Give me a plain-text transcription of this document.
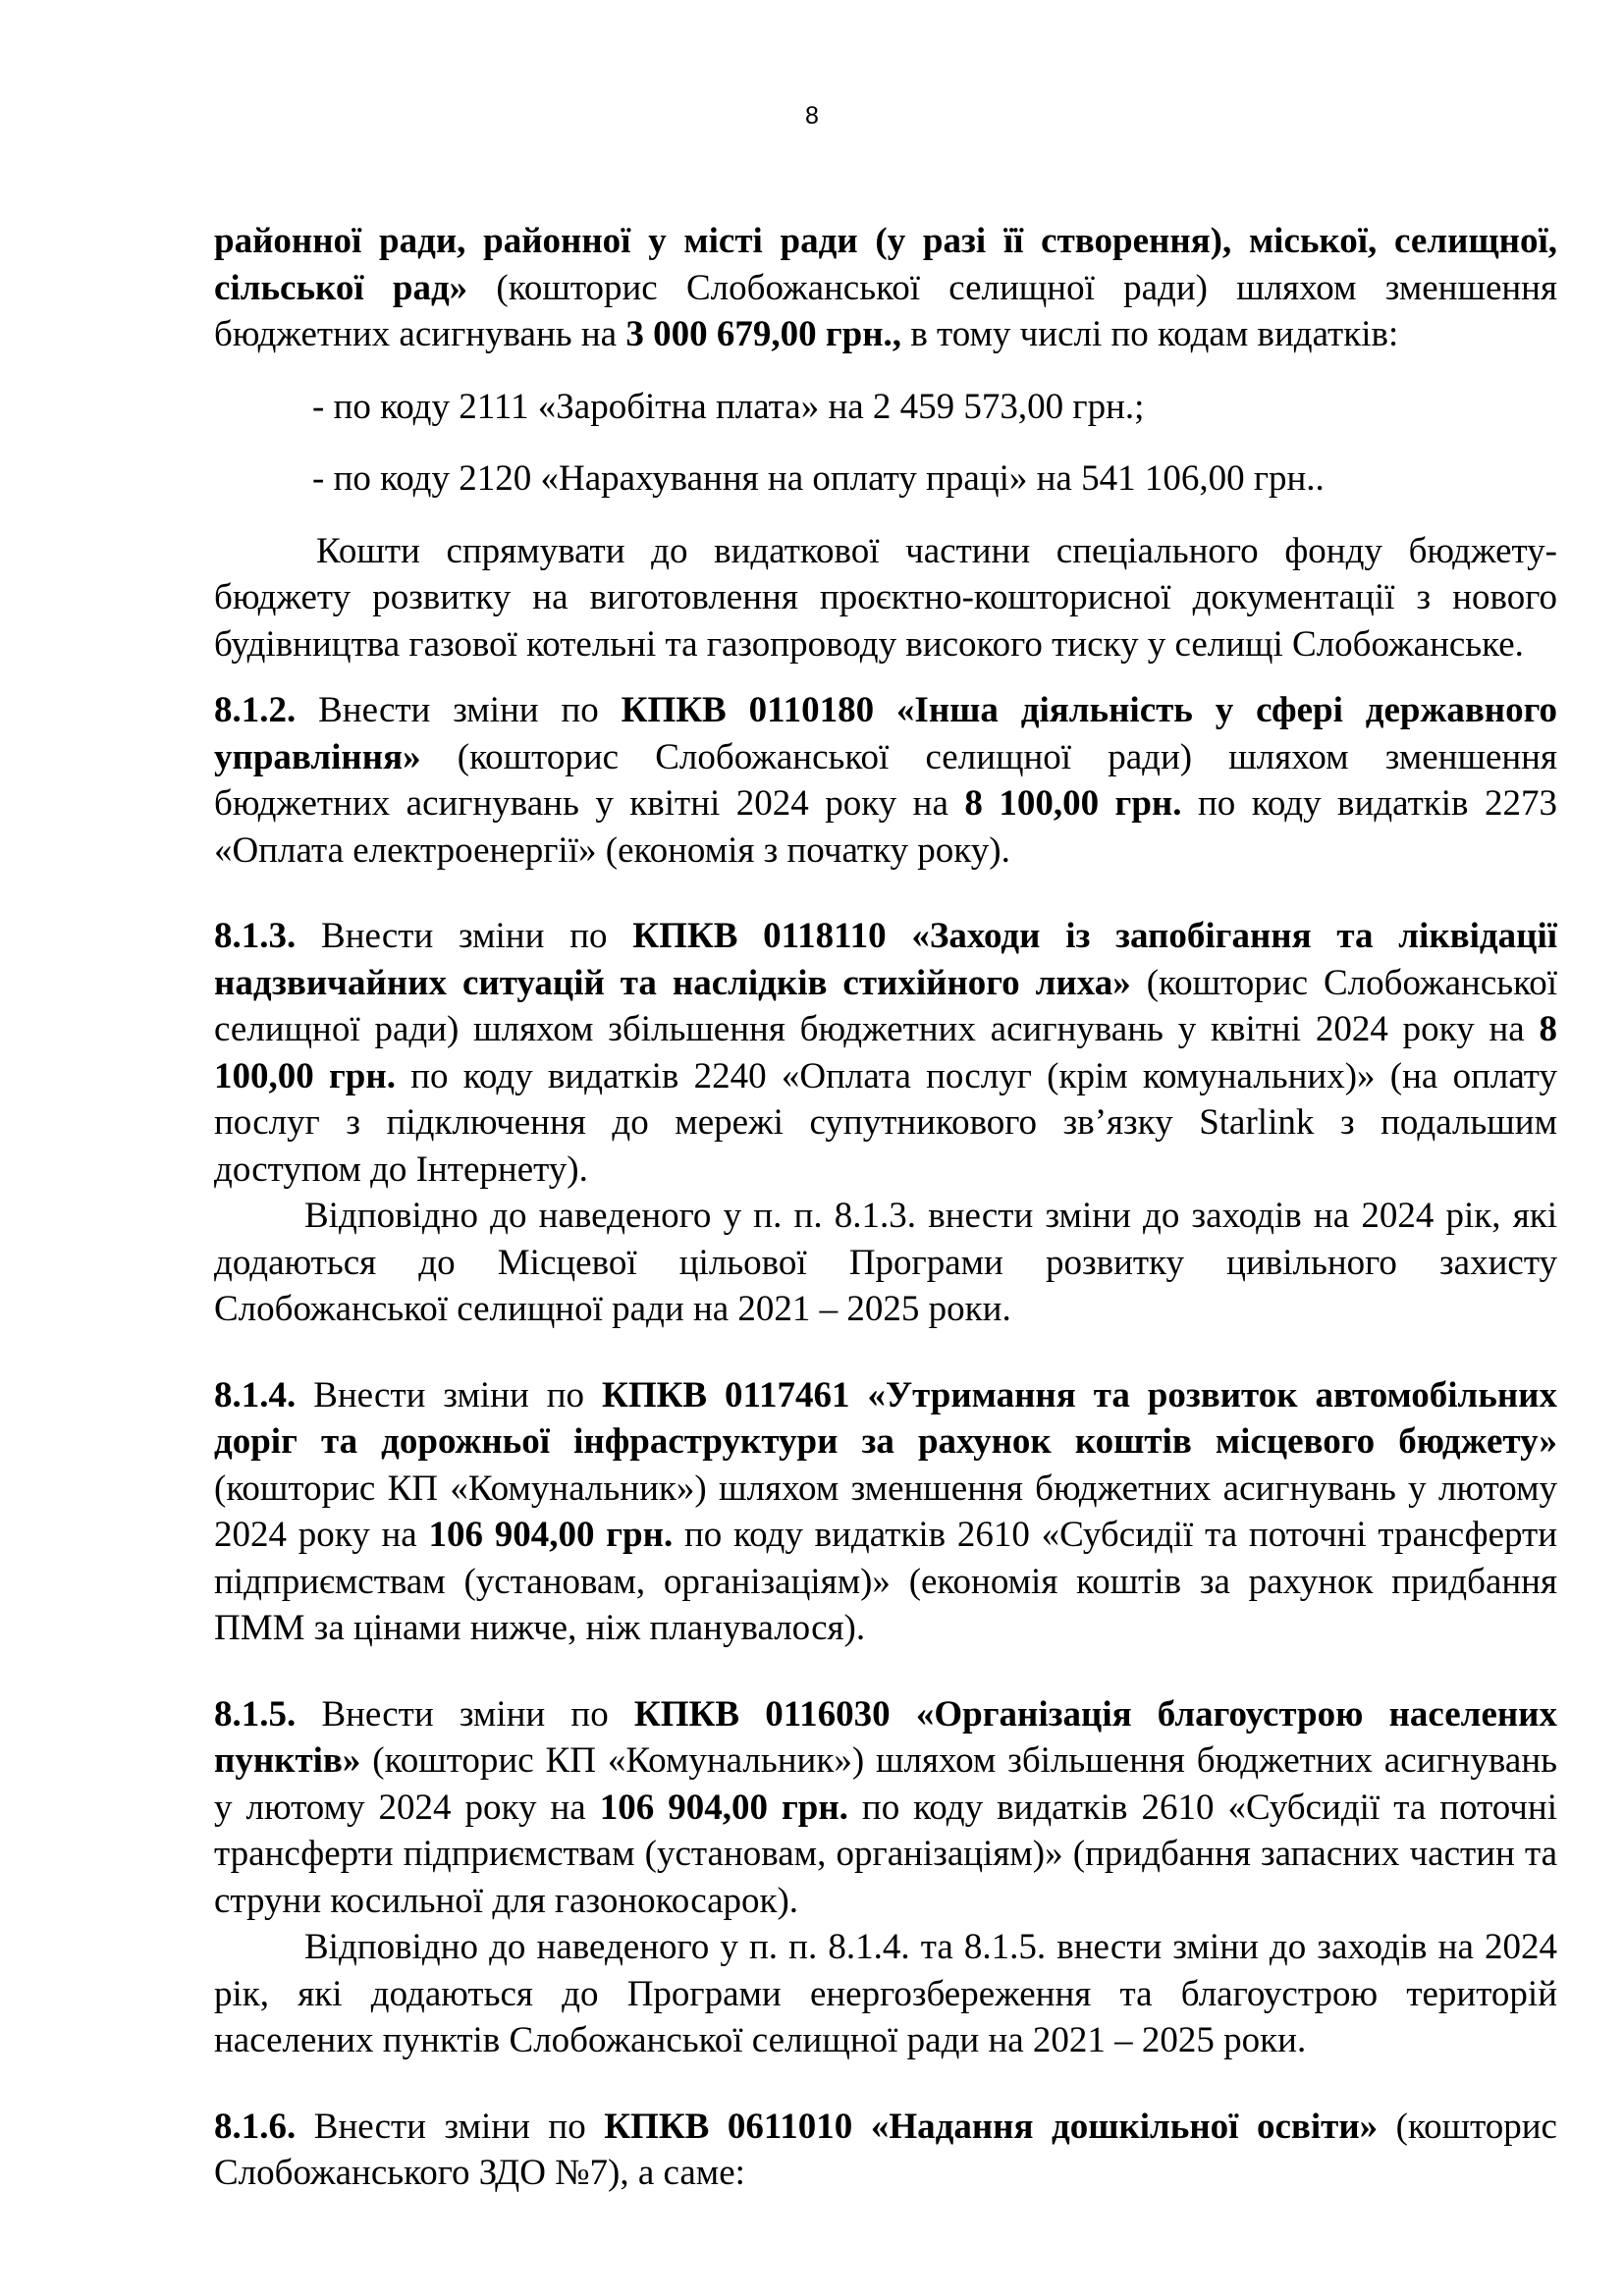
8

районної ради, районної у місті ради (у разі її створення), міської, селищної, сільської рад» (кошторис Слобожанської селищної ради) шляхом зменшення бюджетних асигнувань на 3 000 679,00 грн., в тому числі по кодам видатків:

- по коду 2111 «Заробітна плата» на 2 459 573,00 грн.;

- по коду 2120 «Нарахування на оплату праці» на 541 106,00 грн..

Кошти спрямувати до видаткової частини спеціального фонду бюджету-бюджету розвитку на виготовлення проєктно-кошторисної документації з нового будівництва газової котельні та газопроводу високого тиску у селищі Слобожанське.

8.1.2. Внести зміни по КПКВ 0110180 «Інша діяльність у сфері державного управління» (кошторис Слобожанської селищної ради) шляхом зменшення бюджетних асигнувань у квітні 2024 року на 8 100,00 грн. по коду видатків 2273 «Оплата електроенергії» (економія з початку року).

8.1.3. Внести зміни по КПКВ 0118110 «Заходи із запобігання та ліквідації надзвичайних ситуацій та наслідків стихійного лиха» (кошторис Слобожанської селищної ради) шляхом збільшення бюджетних асигнувань у квітні 2024 року на 8 100,00 грн. по коду видатків 2240 «Оплата послуг (крім комунальних)» (на оплату послуг з підключення до мережі супутникового зв’язку Starlink з подальшим доступом до Інтернету).

Відповідно до наведеного у п. п. 8.1.3. внести зміни до заходів на 2024 рік, які додаються до Місцевої цільової Програми розвитку цивільного захисту Слобожанської селищної ради на 2021 – 2025 роки.

8.1.4. Внести зміни по КПКВ 0117461 «Утримання та розвиток автомобільних доріг та дорожньої інфраструктури за рахунок коштів місцевого бюджету» (кошторис КП «Комунальник») шляхом зменшення бюджетних асигнувань у лютому 2024 року на 106 904,00 грн. по коду видатків 2610 «Субсидії та поточні трансферти підприємствам (установам, організаціям)» (економія коштів за рахунок придбання ПММ за цінами нижче, ніж планувалося).

8.1.5. Внести зміни по КПКВ 0116030 «Організація благоустрою населених пунктів» (кошторис КП «Комунальник») шляхом збільшення бюджетних асигнувань у лютому 2024 року на 106 904,00 грн. по коду видатків 2610 «Субсидії та поточні трансферти підприємствам (установам, організаціям)» (придбання запасних частин та струни косильної для газонокосарок).

Відповідно до наведеного у п. п. 8.1.4. та 8.1.5. внести зміни до заходів на 2024 рік, які додаються до Програми енергозбереження та благоустрою територій населених пунктів Слобожанської селищної ради на 2021 – 2025 роки.

8.1.6. Внести зміни по КПКВ 0611010 «Надання дошкільної освіти» (кошторис Слобожанського ЗДО №7), а саме:
